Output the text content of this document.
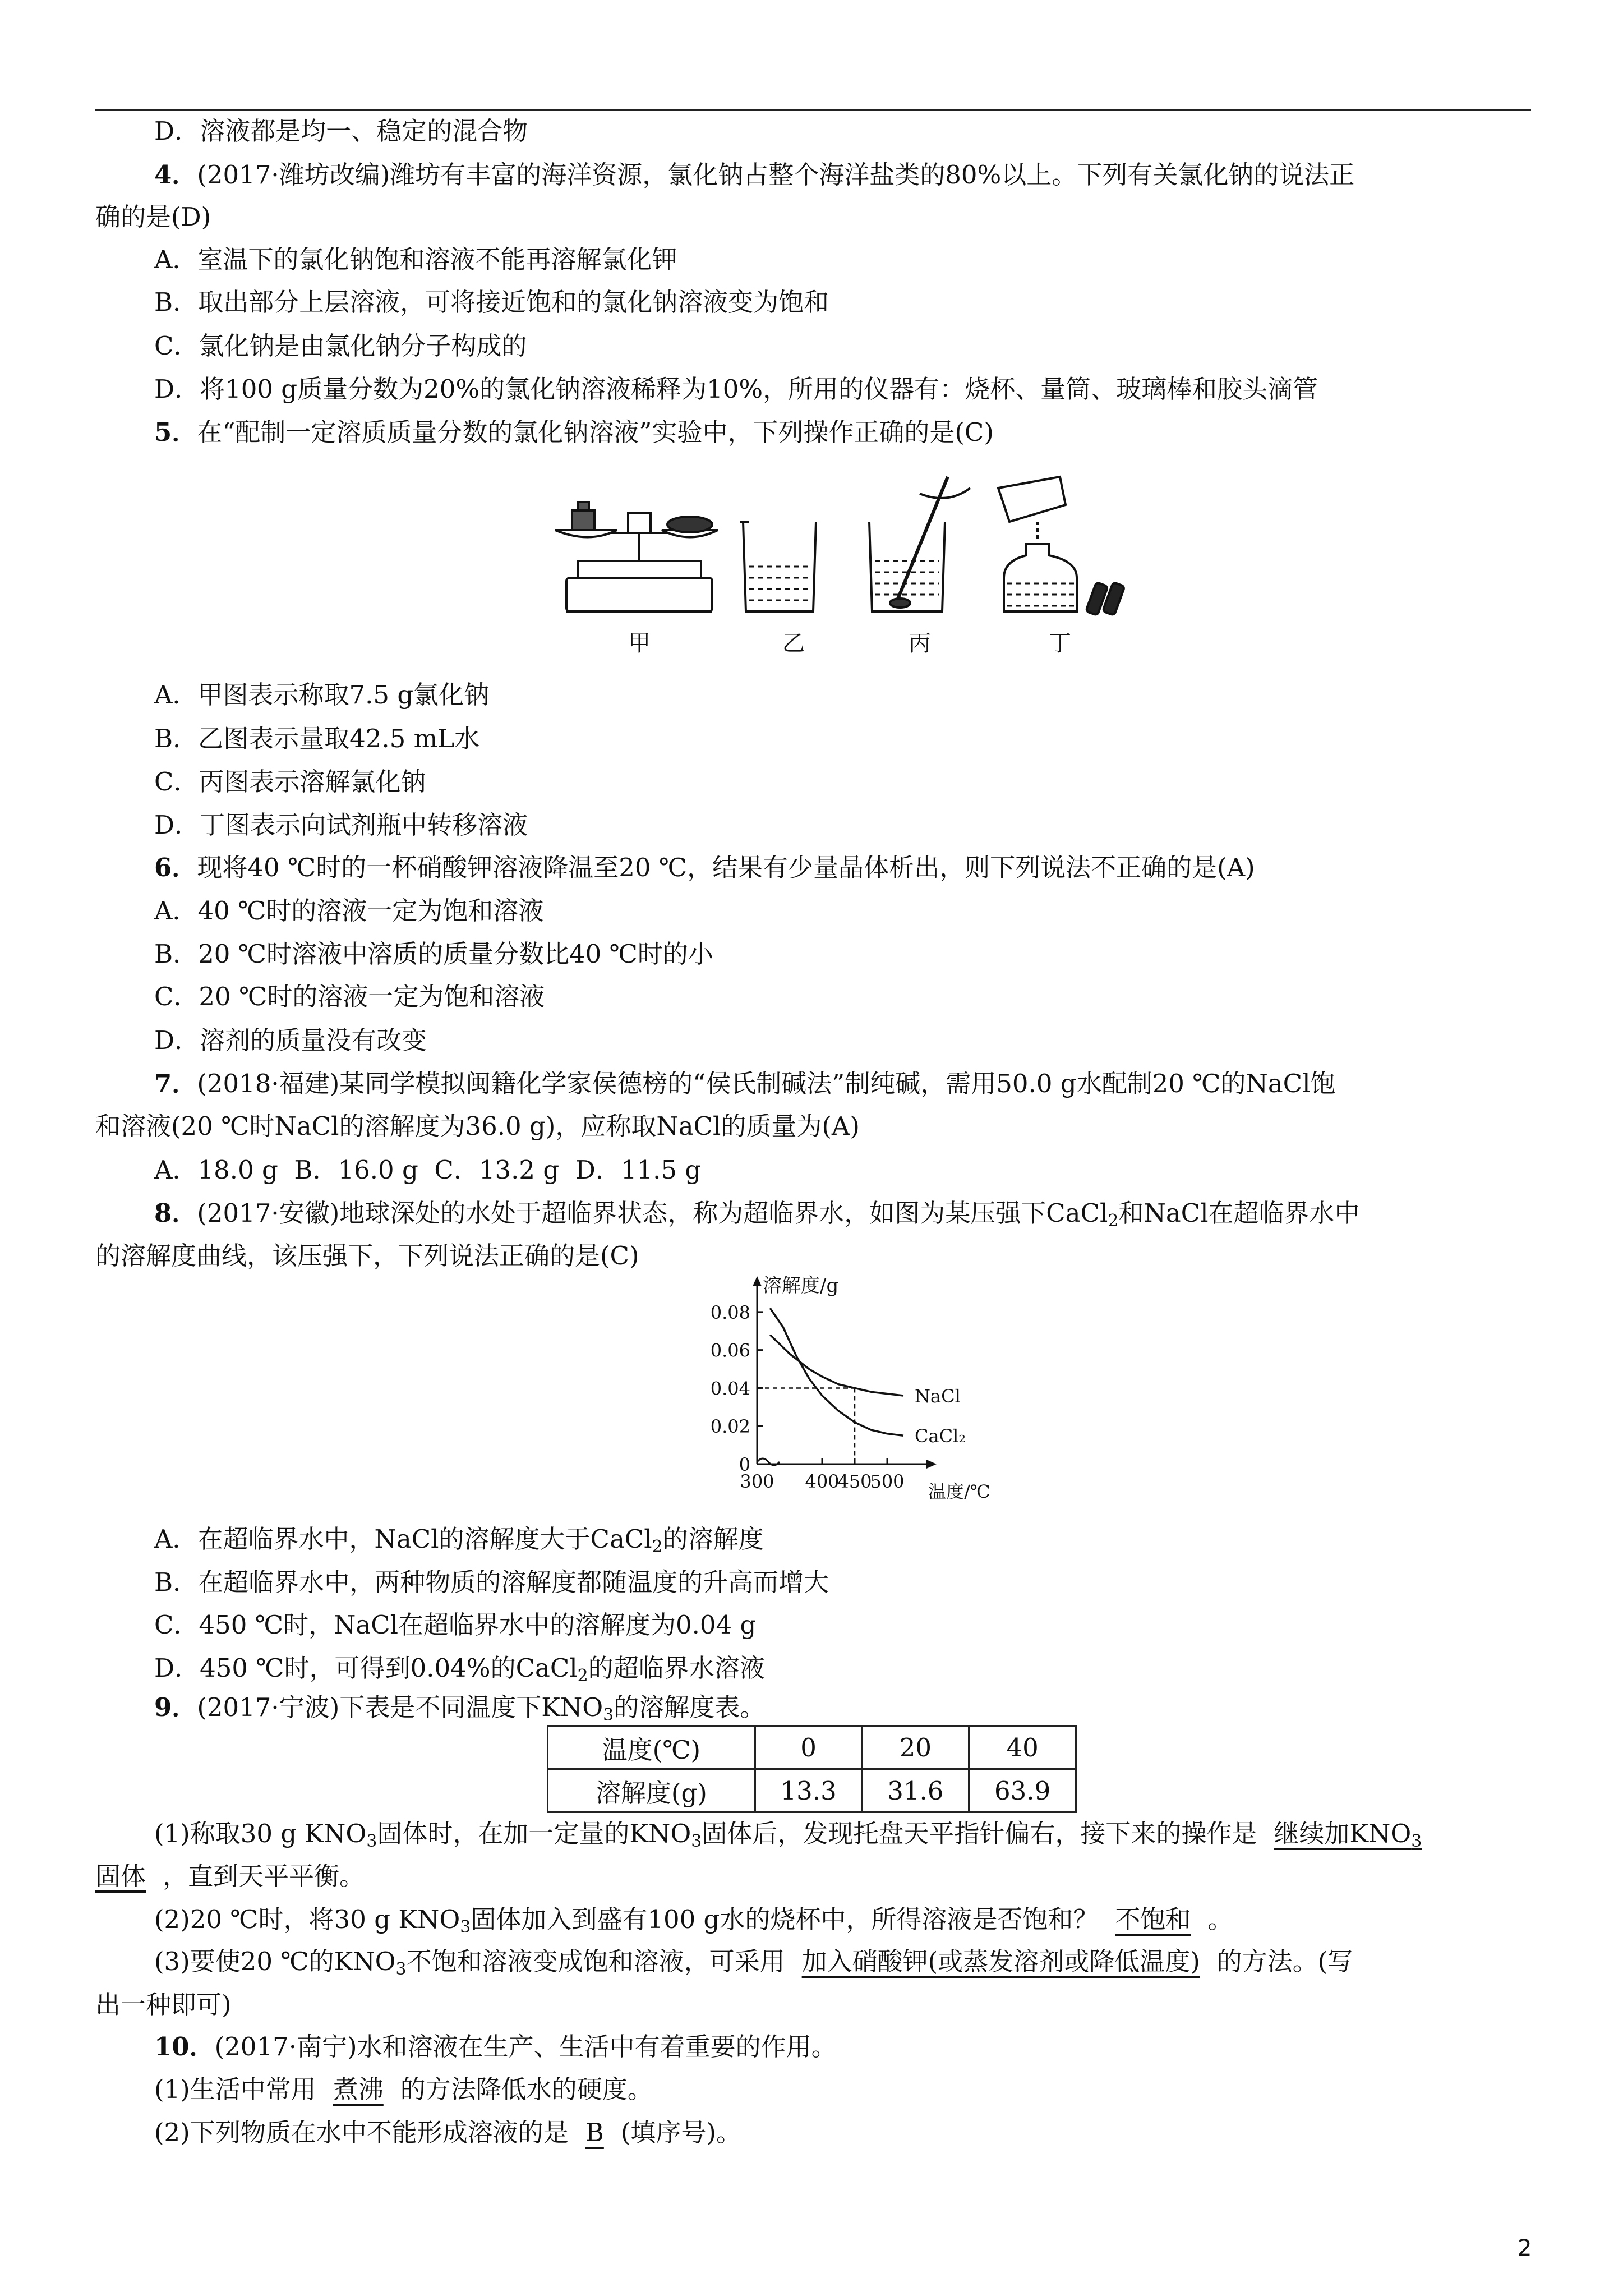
D．溶液都是均一、稳定的混合物
4．(2017·潍坊改编)潍坊有丰富的海洋资源，氯化钠占整个海洋盐类的80%以上。下列有关氯化钠的说法正
确的是(D)
A．室温下的氯化钠饱和溶液不能再溶解氯化钾
B．取出部分上层溶液，可将接近饱和的氯化钠溶液变为饱和
C．氯化钠是由氯化钠分子构成的
D．将100 g质量分数为20%的氯化钠溶液稀释为10%，所用的仪器有：烧杯、量筒、玻璃棒和胶头滴管
5．在“配制一定溶质质量分数的氯化钠溶液”实验中，下列操作正确的是(C)
甲	乙	丙	丁
A．甲图表示称取7.5 g氯化钠
B．乙图表示量取42.5 mL水
C．丙图表示溶解氯化钠
D．丁图表示向试剂瓶中转移溶液
6．现将40 ℃时的一杯硝酸钾溶液降温至20 ℃，结果有少量晶体析出，则下列说法不正确的是(A)
A．40 ℃时的溶液一定为饱和溶液
B．20 ℃时溶液中溶质的质量分数比40 ℃时的小
C．20 ℃时的溶液一定为饱和溶液
D．溶剂的质量没有改变
7．(2018·福建)某同学模拟闽籍化学家侯德榜的“侯氏制碱法”制纯碱，需用50.0 g水配制20 ℃的NaCl饱
和溶液(20 ℃时NaCl的溶解度为36.0 g)，应称取NaCl的质量为(A)
A．18.0 g  B．16.0 g  C．13.2 g  D．11.5 g
8．(2017·安徽)地球深处的水处于超临界状态，称为超临界水，如图为某压强下CaCl$_2$和NaCl在超临界水中
的溶解度曲线，该压强下，下列说法正确的是(C)
0.08
0.06
0.04
0.02
0
300 400
450
500
溶解度/g
温度/℃
NaCl
CaCl₂
A．在超临界水中，NaCl的溶解度大于CaCl$_2$的溶解度
B．在超临界水中，两种物质的溶解度都随温度的升高而增大
C．450 ℃时，NaCl在超临界水中的溶解度为0.04 g
D．450 ℃时，可得到0.04%的CaCl$_2$的超临界水溶液
9．(2017·宁波)下表是不同温度下$KNO_3$的溶解度表。
温度(℃)	0	20	40
溶解度(g)	13.3	31.6	63.9
(1)称取30 g $KNO_3$固体时，在加一定量的$KNO_3$固体后，发现托盘天平指针偏右，接下来的操作是 继续加$KNO_3$
固体 ，直到天平平衡。
(2)20 ℃时，将30 g $KNO_3$固体加入到盛有100 g水的烧杯中，所得溶液是否饱和？ 不饱和 。
(3)要使20 ℃的$KNO_3$不饱和溶液变成饱和溶液，可采用 加入硝酸钾(或蒸发溶剂或降低温度) 的方法。(写
出一种即可)
10．(2017·南宁)水和溶液在生产、生活中有着重要的作用。
(1)生活中常用 煮沸 的方法降低水的硬度。
(2)下列物质在水中不能形成溶液的是 B (填序号)。
2
